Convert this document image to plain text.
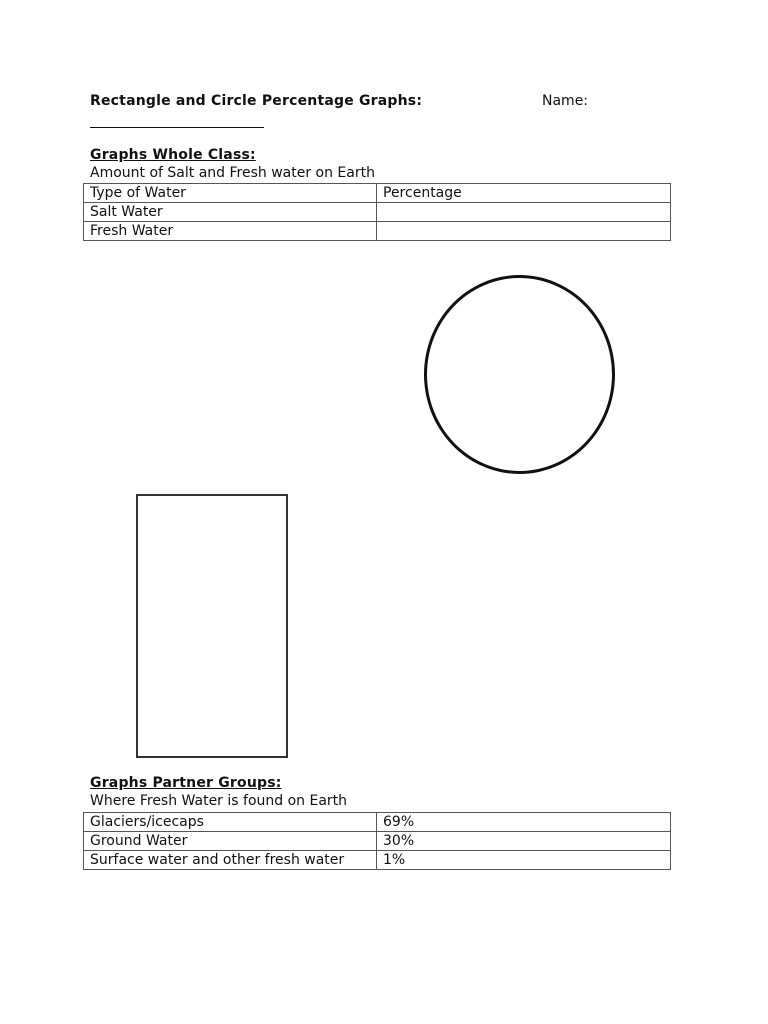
Rectangle and Circle Percentage Graphs:	Name:
Graphs Whole Class:
Amount of Salt and Fresh water on Earth
Type of Water	Percentage
Salt Water	
Fresh Water	
Graphs Partner Groups:
Where Fresh Water is found on Earth
Glaciers/icecaps	69%
Ground Water	30%
Surface water and other fresh water	1%
